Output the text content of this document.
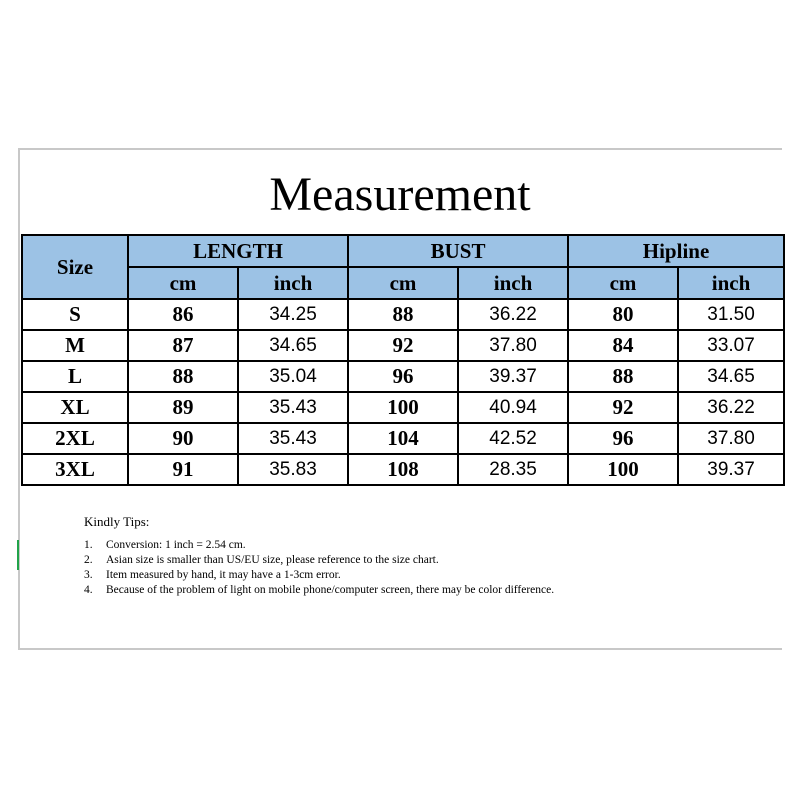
Measurement
Size	LENGTH		BUST		Hipline	
	cm	inch	cm	inch	cm	inch
S	86	34.25	88	36.22	80	31.50
M	87	34.65	92	37.80	84	33.07
L	88	35.04	96	39.37	88	34.65
XL	89	35.43	100	40.94	92	36.22
2XL	90	35.43	104	42.52	96	37.80
3XL	91	35.83	108	28.35	100	39.37
Kindly Tips:
1.	Conversion: 1 inch = 2.54 cm.
2.	Asian size is smaller than US/EU size, please reference to the size chart.
3.	Item measured by hand, it may have a 1-3cm error.
4.	Because of the problem of light on mobile phone/computer screen, there may be color difference.
